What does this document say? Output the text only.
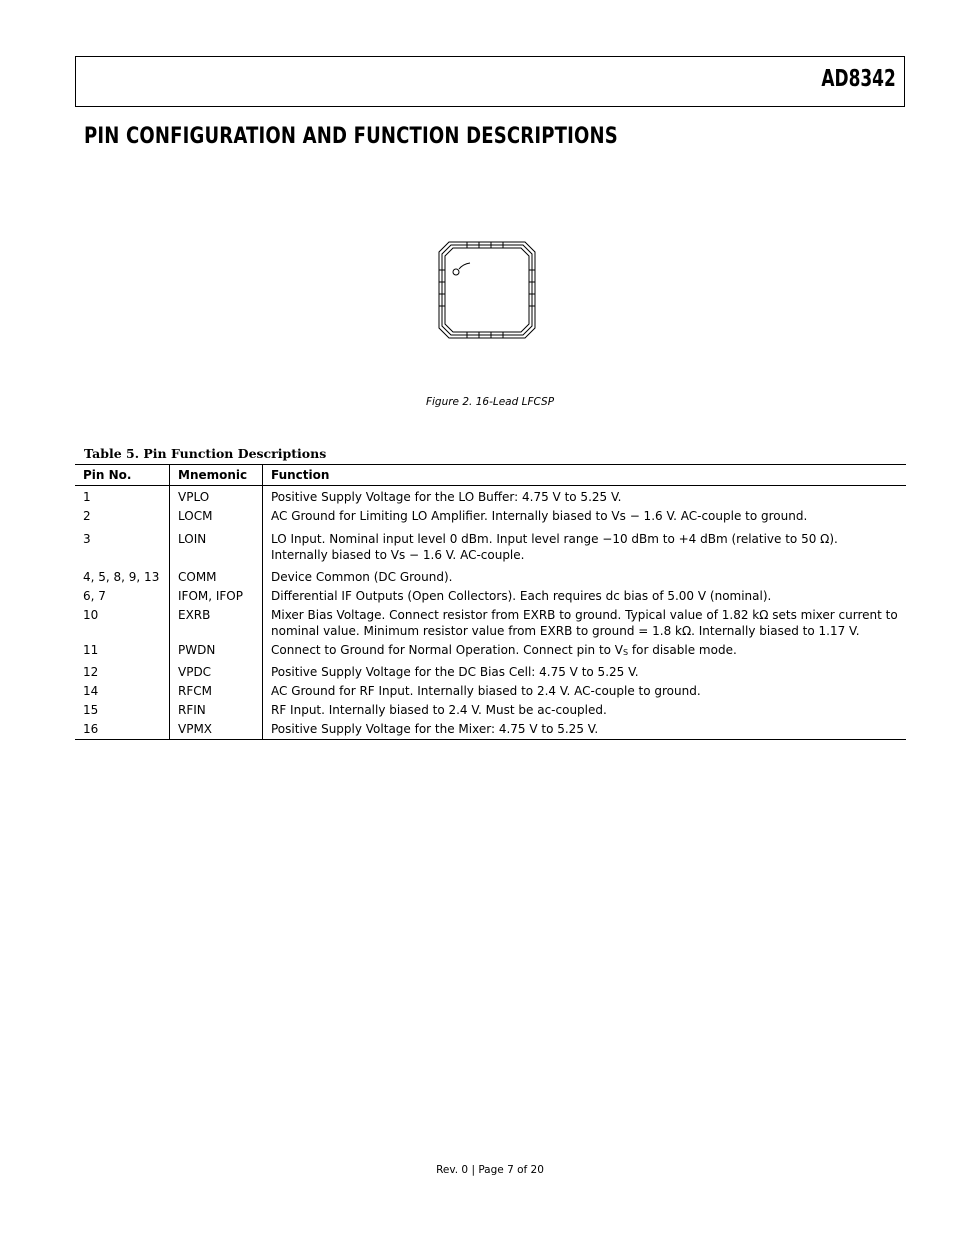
AD8342
PIN CONFIGURATION AND FUNCTION DESCRIPTIONS
Figure 2. 16-Lead LFCSP
Table 5. Pin Function Descriptions
Pin No.	Mnemonic	Function
1	VPLO	Positive Supply Voltage for the LO Buffer: 4.75 V to 5.25 V.
2	LOCM	AC Ground for Limiting LO Amplifier. Internally biased to Vs − 1.6 V. AC-couple to ground.
3	LOIN	LO Input. Nominal input level 0 dBm. Input level range −10 dBm to +4 dBm (relative to 50 Ω). Internally biased to Vs − 1.6 V. AC-couple.
4, 5, 8, 9, 13	COMM	Device Common (DC Ground).
6, 7	IFOM, IFOP	Differential IF Outputs (Open Collectors). Each requires dc bias of 5.00 V (nominal).
10	EXRB	Mixer Bias Voltage. Connect resistor from EXRB to ground. Typical value of 1.82 kΩ sets mixer current to nominal value. Minimum resistor value from EXRB to ground = 1.8 kΩ. Internally biased to 1.17 V.
11	PWDN	Connect to Ground for Normal Operation. Connect pin to $V_S$ for disable mode.
12	VPDC	Positive Supply Voltage for the DC Bias Cell: 4.75 V to 5.25 V.
14	RFCM	AC Ground for RF Input. Internally biased to 2.4 V. AC-couple to ground.
15	RFIN	RF Input. Internally biased to 2.4 V. Must be ac-coupled.
16	VPMX	Positive Supply Voltage for the Mixer: 4.75 V to 5.25 V.
Rev. 0 | Page 7 of 20
